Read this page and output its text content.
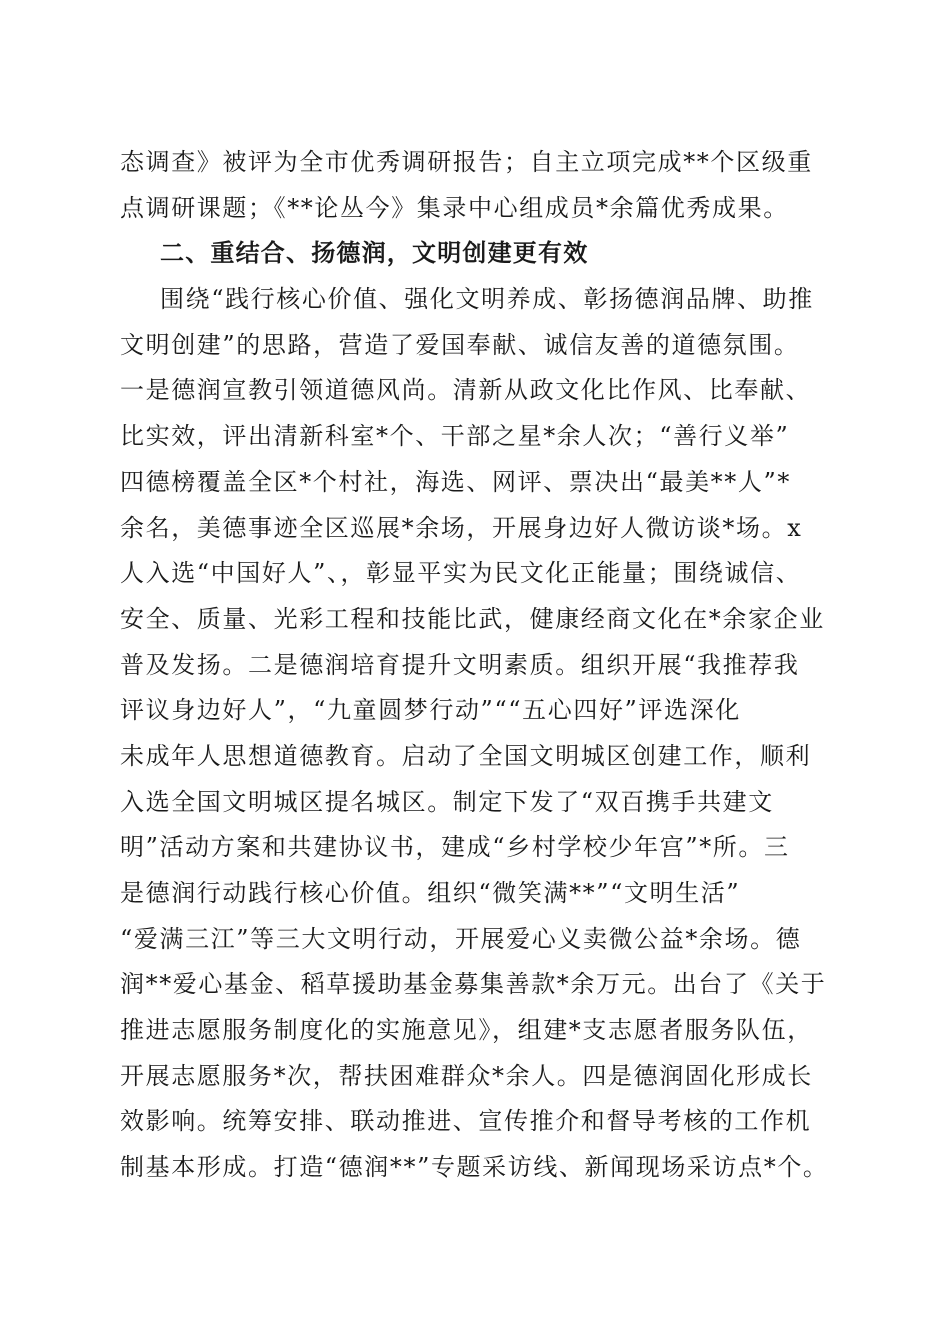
态调查》被评为全市优秀调研报告；自主立项完成**个区级重
点调研课题；《**论丛今》集录中心组成员*余篇优秀成果。
二、重结合、扬德润，文明创建更有效
围绕“践行核心价值、强化文明养成、彰扬德润品牌、助推
文明创建”的思路，营造了爱国奉献、诚信友善的道德氛围。
一是德润宣教引领道德风尚。清新从政文化比作风、比奉献、
比实效，评出清新科室*个、干部之星*余人次；“善行义举”
四德榜覆盖全区*个村社，海选、网评、票决出“最美**人”*
余名，美德事迹全区巡展*余场，开展身边好人微访谈*场。x
人入选“中国好人”、，彰显平实为民文化正能量；围绕诚信、
安全、质量、光彩工程和技能比武，健康经商文化在*余家企业
普及发扬。二是德润培育提升文明素质。组织开展“我推荐我
评议身边好人”，“九童圆梦行动”““五心四好”评选深化
未成年人思想道德教育。启动了全国文明城区创建工作，顺利
入选全国文明城区提名城区。制定下发了“双百携手共建文
明”活动方案和共建协议书，建成“乡村学校少年宫”*所。三
是德润行动践行核心价值。组织“微笑满**”“文明生活”
“爱满三江”等三大文明行动，开展爱心义卖微公益*余场。德
润**爱心基金、稻草援助基金募集善款*余万元。出台了《关于
推进志愿服务制度化的实施意见》，组建*支志愿者服务队伍，
开展志愿服务*次，帮扶困难群众*余人。四是德润固化形成长
效影响。统筹安排、联动推进、宣传推介和督导考核的工作机
制基本形成。打造“德润**”专题采访线、新闻现场采访点*个。
